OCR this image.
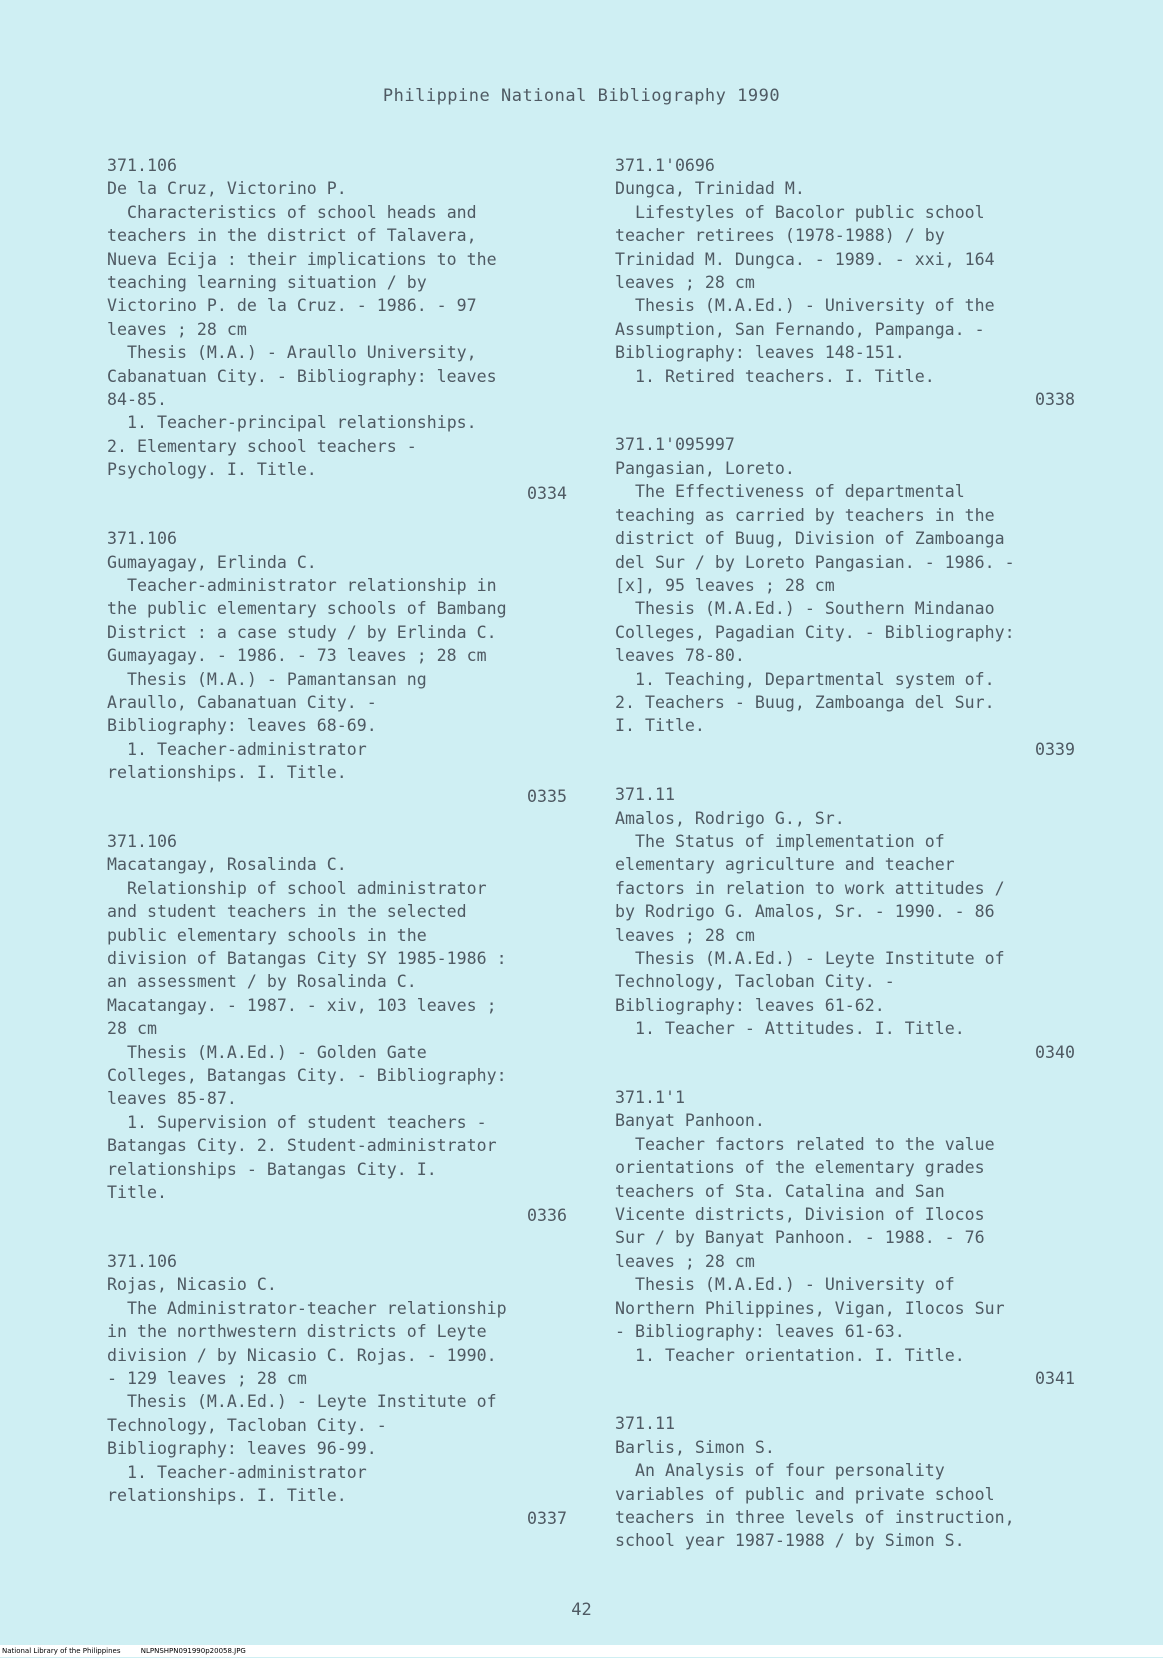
Philippine National Bibliography 1990

371.106

De la Cruz, Victorino P.

Characteristics of school heads and
teachers in the district of Talavera,
Nueva Ecija : their implications to the
teaching learning situation / by
Victorino P. de la Cruz. - 1986. - 97
leaves ; 28 cm

Thesis (M.A.) - Araullo University,
Cabanatuan City. - Bibliography: leaves
84-85.

1. Teacher-principal relationships.
2. Elementary school teachers -
Psychology. I. Title.

0334

371.106

Gumayagay, Erlinda C.

Teacher-administrator relationship in
the public elementary schools of Bambang
District : a case study / by Erlinda C.
Gumayagay. - 1986. - 73 leaves ; 28 cm

Thesis (M.A.) - Pamantansan ng
Araullo, Cabanatuan City. -
Bibliography: leaves 68-69.

1. Teacher-administrator
relationships. I. Title.

0335

371.106

Macatangay, Rosalinda C.

Relationship of school administrator
and student teachers in the selected
public elementary schools in the
division of Batangas City SY 1985-1986 :
an assessment / by Rosalinda C.
Macatangay. - 1987. - xiv, 103 leaves ;
28 cm

Thesis (M.A.Ed.) - Golden Gate
Colleges, Batangas City. - Bibliography:
leaves 85-87.

1. Supervision of student teachers -
Batangas City. 2. Student-administrator
relationships - Batangas City. I.
Title.

0336

371.106

Rojas, Nicasio C.

The Administrator-teacher relationship
in the northwestern districts of Leyte
division / by Nicasio C. Rojas. - 1990.
- 129 leaves ; 28 cm

Thesis (M.A.Ed.) - Leyte Institute of
Technology, Tacloban City. -
Bibliography: leaves 96-99.

1. Teacher-administrator
relationships. I. Title.

0337

371.1'0696

Dungca, Trinidad M.

Lifestyles of Bacolor public school
teacher retirees (1978-1988) / by
Trinidad M. Dungca. - 1989. - xxi, 164
leaves ; 28 cm

Thesis (M.A.Ed.) - University of the
Assumption, San Fernando, Pampanga. -
Bibliography: leaves 148-151.

1. Retired teachers. I. Title.

0338

371.1'095997

Pangasian, Loreto.

The Effectiveness of departmental
teaching as carried by teachers in the
district of Buug, Division of Zamboanga
del Sur / by Loreto Pangasian. - 1986. -
[x], 95 leaves ; 28 cm

Thesis (M.A.Ed.) - Southern Mindanao
Colleges, Pagadian City. - Bibliography:
leaves 78-80.

1. Teaching, Departmental system of.
2. Teachers - Buug, Zamboanga del Sur.
I. Title.

0339

371.11

Amalos, Rodrigo G., Sr.

The Status of implementation of
elementary agriculture and teacher
factors in relation to work attitudes /
by Rodrigo G. Amalos, Sr. - 1990. - 86
leaves ; 28 cm

Thesis (M.A.Ed.) - Leyte Institute of
Technology, Tacloban City. -
Bibliography: leaves 61-62.

1. Teacher - Attitudes. I. Title.

0340

371.1'1

Banyat Panhoon.

Teacher factors related to the value
orientations of the elementary grades
teachers of Sta. Catalina and San
Vicente districts, Division of Ilocos
Sur / by Banyat Panhoon. - 1988. - 76
leaves ; 28 cm

Thesis (M.A.Ed.) - University of
Northern Philippines, Vigan, Ilocos Sur
- Bibliography: leaves 61-63.

1. Teacher orientation. I. Title.

0341

371.11

Barlis, Simon S.

An Analysis of four personality
variables of public and private school
teachers in three levels of instruction,
school year 1987-1988 / by Simon S.

42
National Library of the Philippines	NLPNSHPN091990p20058.JPG
